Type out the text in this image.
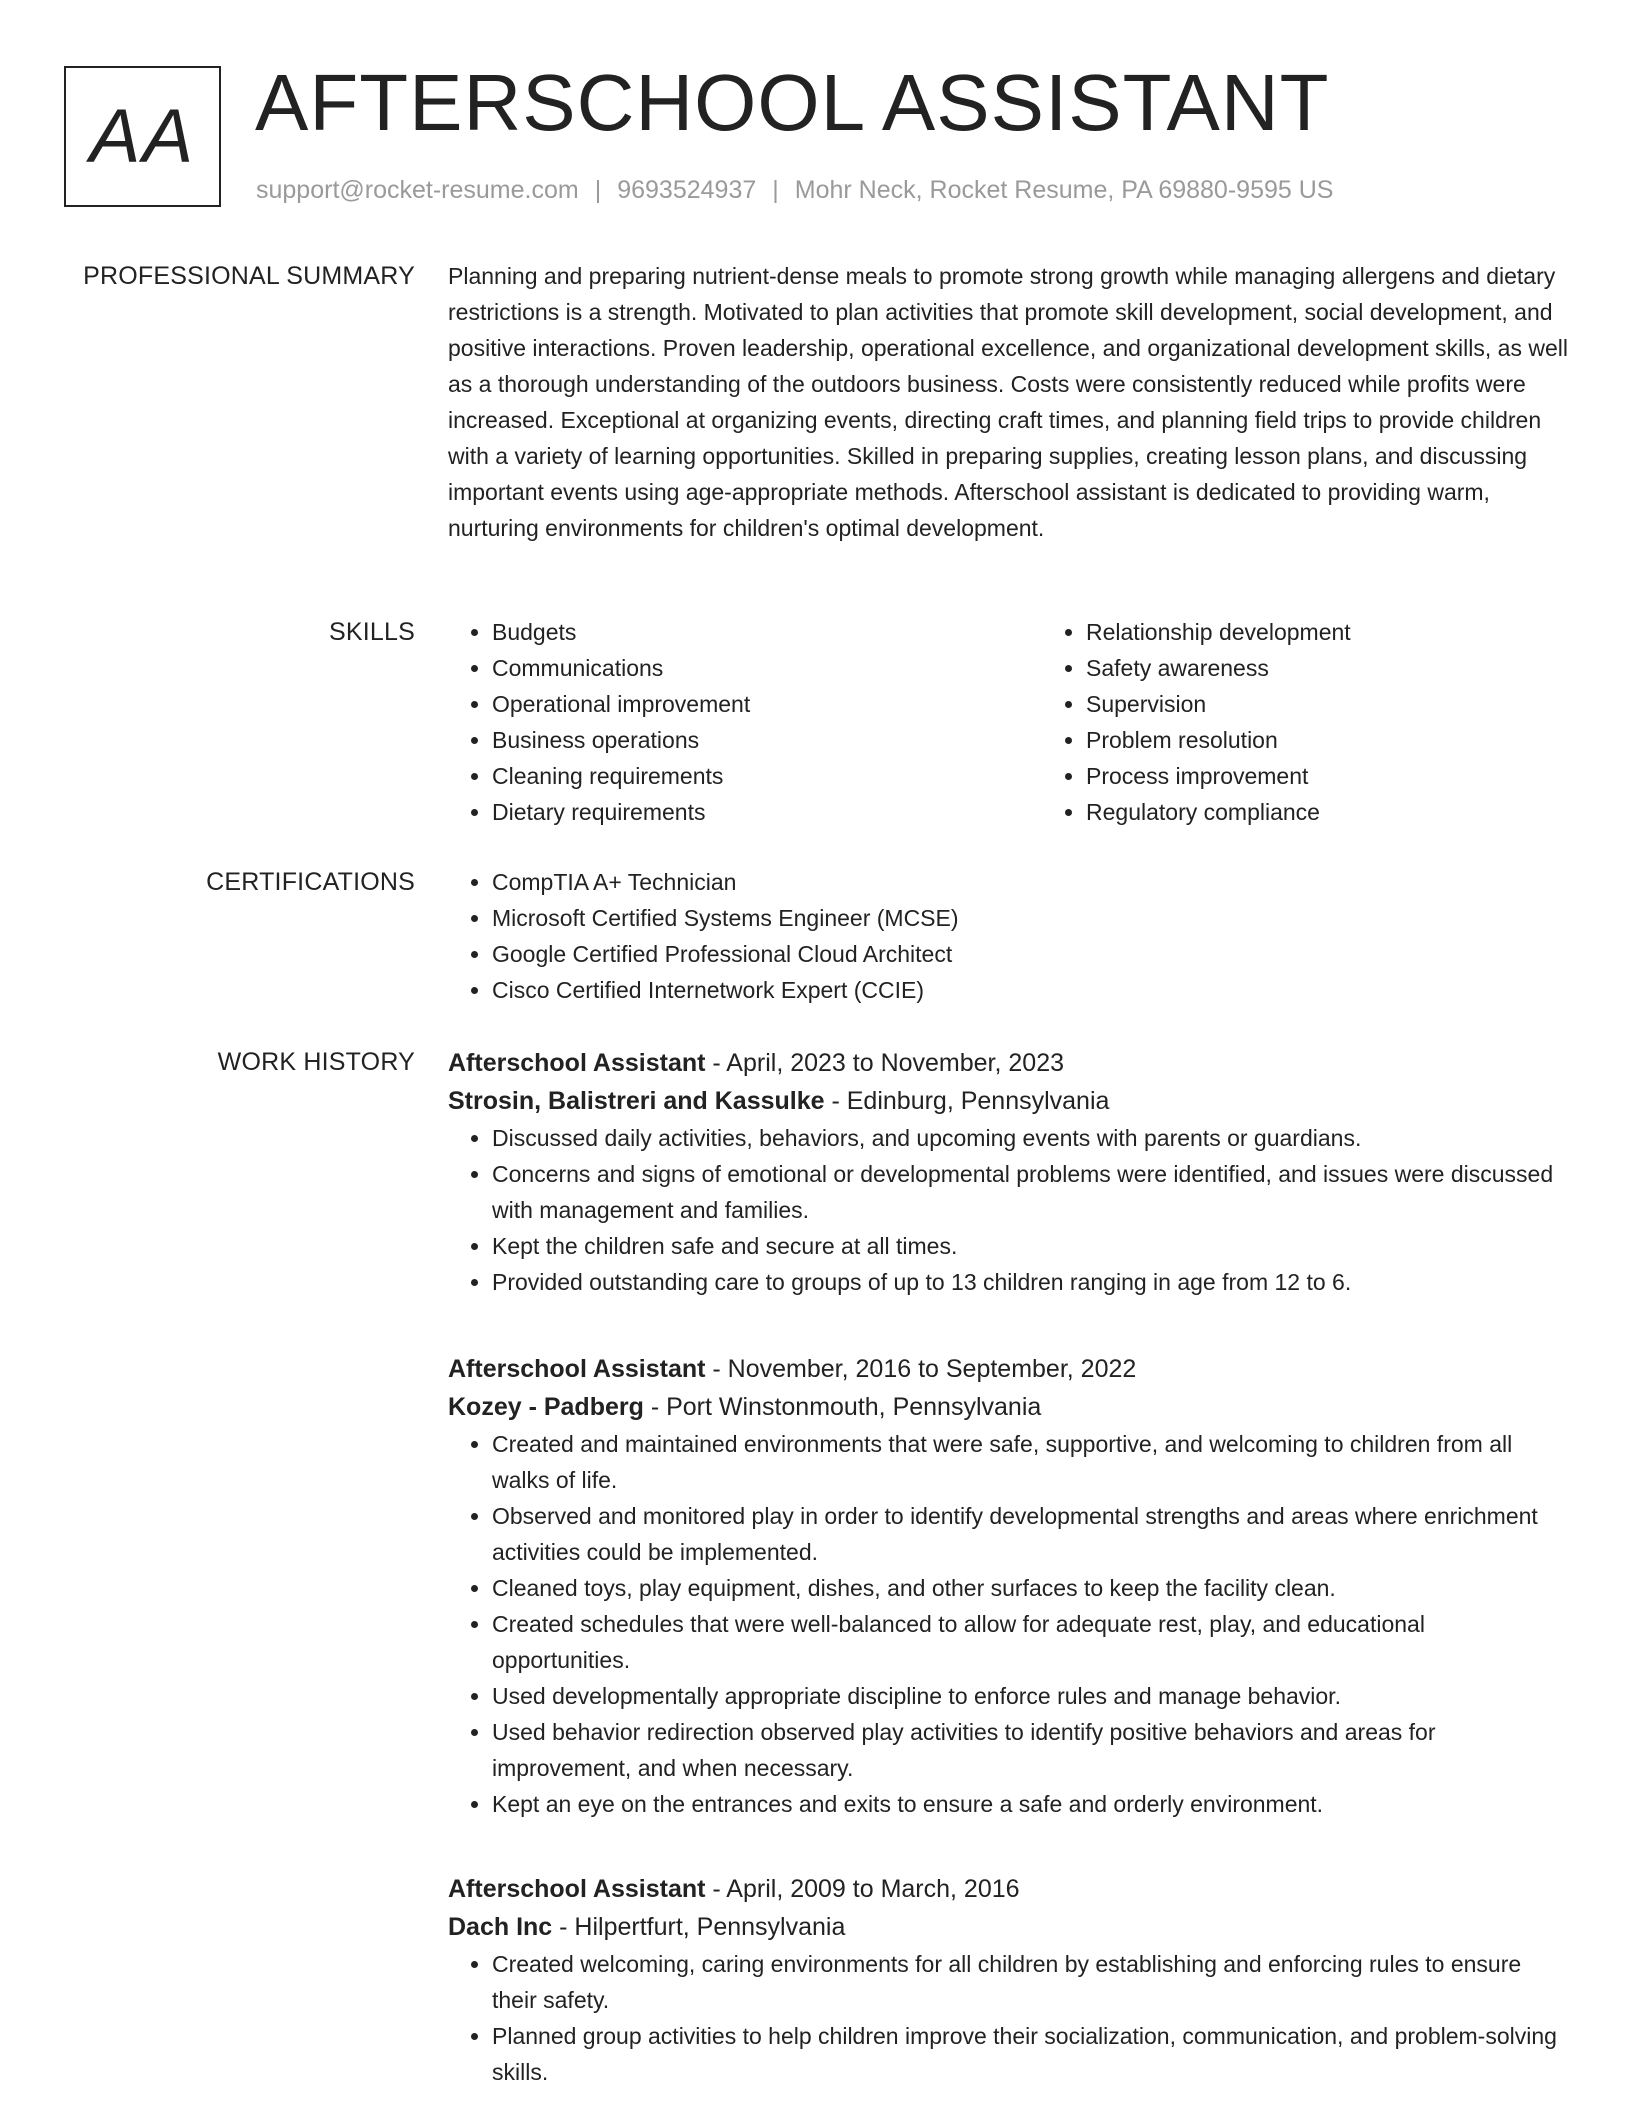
AA AFTERSCHOOL ASSISTANT
support@rocket-resume.com | 9693524937 | Mohr Neck, Rocket Resume, PA 69880-9595 US
PROFESSIONAL SUMMARY Planning and preparing nutrient-dense meals to promote strong growth while managing allergens and dietary restrictions is a strength. Motivated to plan activities that promote skill development, social development, and positive interactions. Proven leadership, operational excellence, and organizational development skills, as well as a thorough understanding of the outdoors business. Costs were consistently reduced while profits were increased. Exceptional at organizing events, directing craft times, and planning field trips to provide children with a variety of learning opportunities. Skilled in preparing supplies, creating lesson plans, and discussing important events using age-appropriate methods. Afterschool assistant is dedicated to providing warm, nurturing environments for children's optimal development.
SKILLS	• Budgets
• Communications
• Operational improvement
• Business operations
• Cleaning requirements
• Dietary requirements
• Relationship development
• Safety awareness
• Supervision
• Problem resolution
• Process improvement
• Regulatory compliance
CERTIFICATIONS	• CompTIA A+ Technician
• Microsoft Certified Systems Engineer (MCSE)
• Google Certified Professional Cloud Architect
• Cisco Certified Internetwork Expert (CCIE)
WORK HISTORY Afterschool Assistant - April, 2023 to November, 2023
Strosin, Balistreri and Kassulke - Edinburg, Pennsylvania
• Discussed daily activities, behaviors, and upcoming events with parents or guardians.
• Concerns and signs of emotional or developmental problems were identified, and issues were discussed with management and families.
• Kept the children safe and secure at all times.
• Provided outstanding care to groups of up to 13 children ranging in age from 12 to 6.
Afterschool Assistant - November, 2016 to September, 2022
Kozey - Padberg - Port Winstonmouth, Pennsylvania
• Created and maintained environments that were safe, supportive, and welcoming to children from all walks of life.
• Observed and monitored play in order to identify developmental strengths and areas where enrichment activities could be implemented.
• Cleaned toys, play equipment, dishes, and other surfaces to keep the facility clean.
• Created schedules that were well-balanced to allow for adequate rest, play, and educational opportunities.
• Used developmentally appropriate discipline to enforce rules and manage behavior.
• Used behavior redirection observed play activities to identify positive behaviors and areas for improvement, and when necessary.
• Kept an eye on the entrances and exits to ensure a safe and orderly environment.
Afterschool Assistant - April, 2009 to March, 2016
Dach Inc - Hilpertfurt, Pennsylvania
• Created welcoming, caring environments for all children by establishing and enforcing rules to ensure their safety.
• Planned group activities to help children improve their socialization, communication, and problem-solving skills.
